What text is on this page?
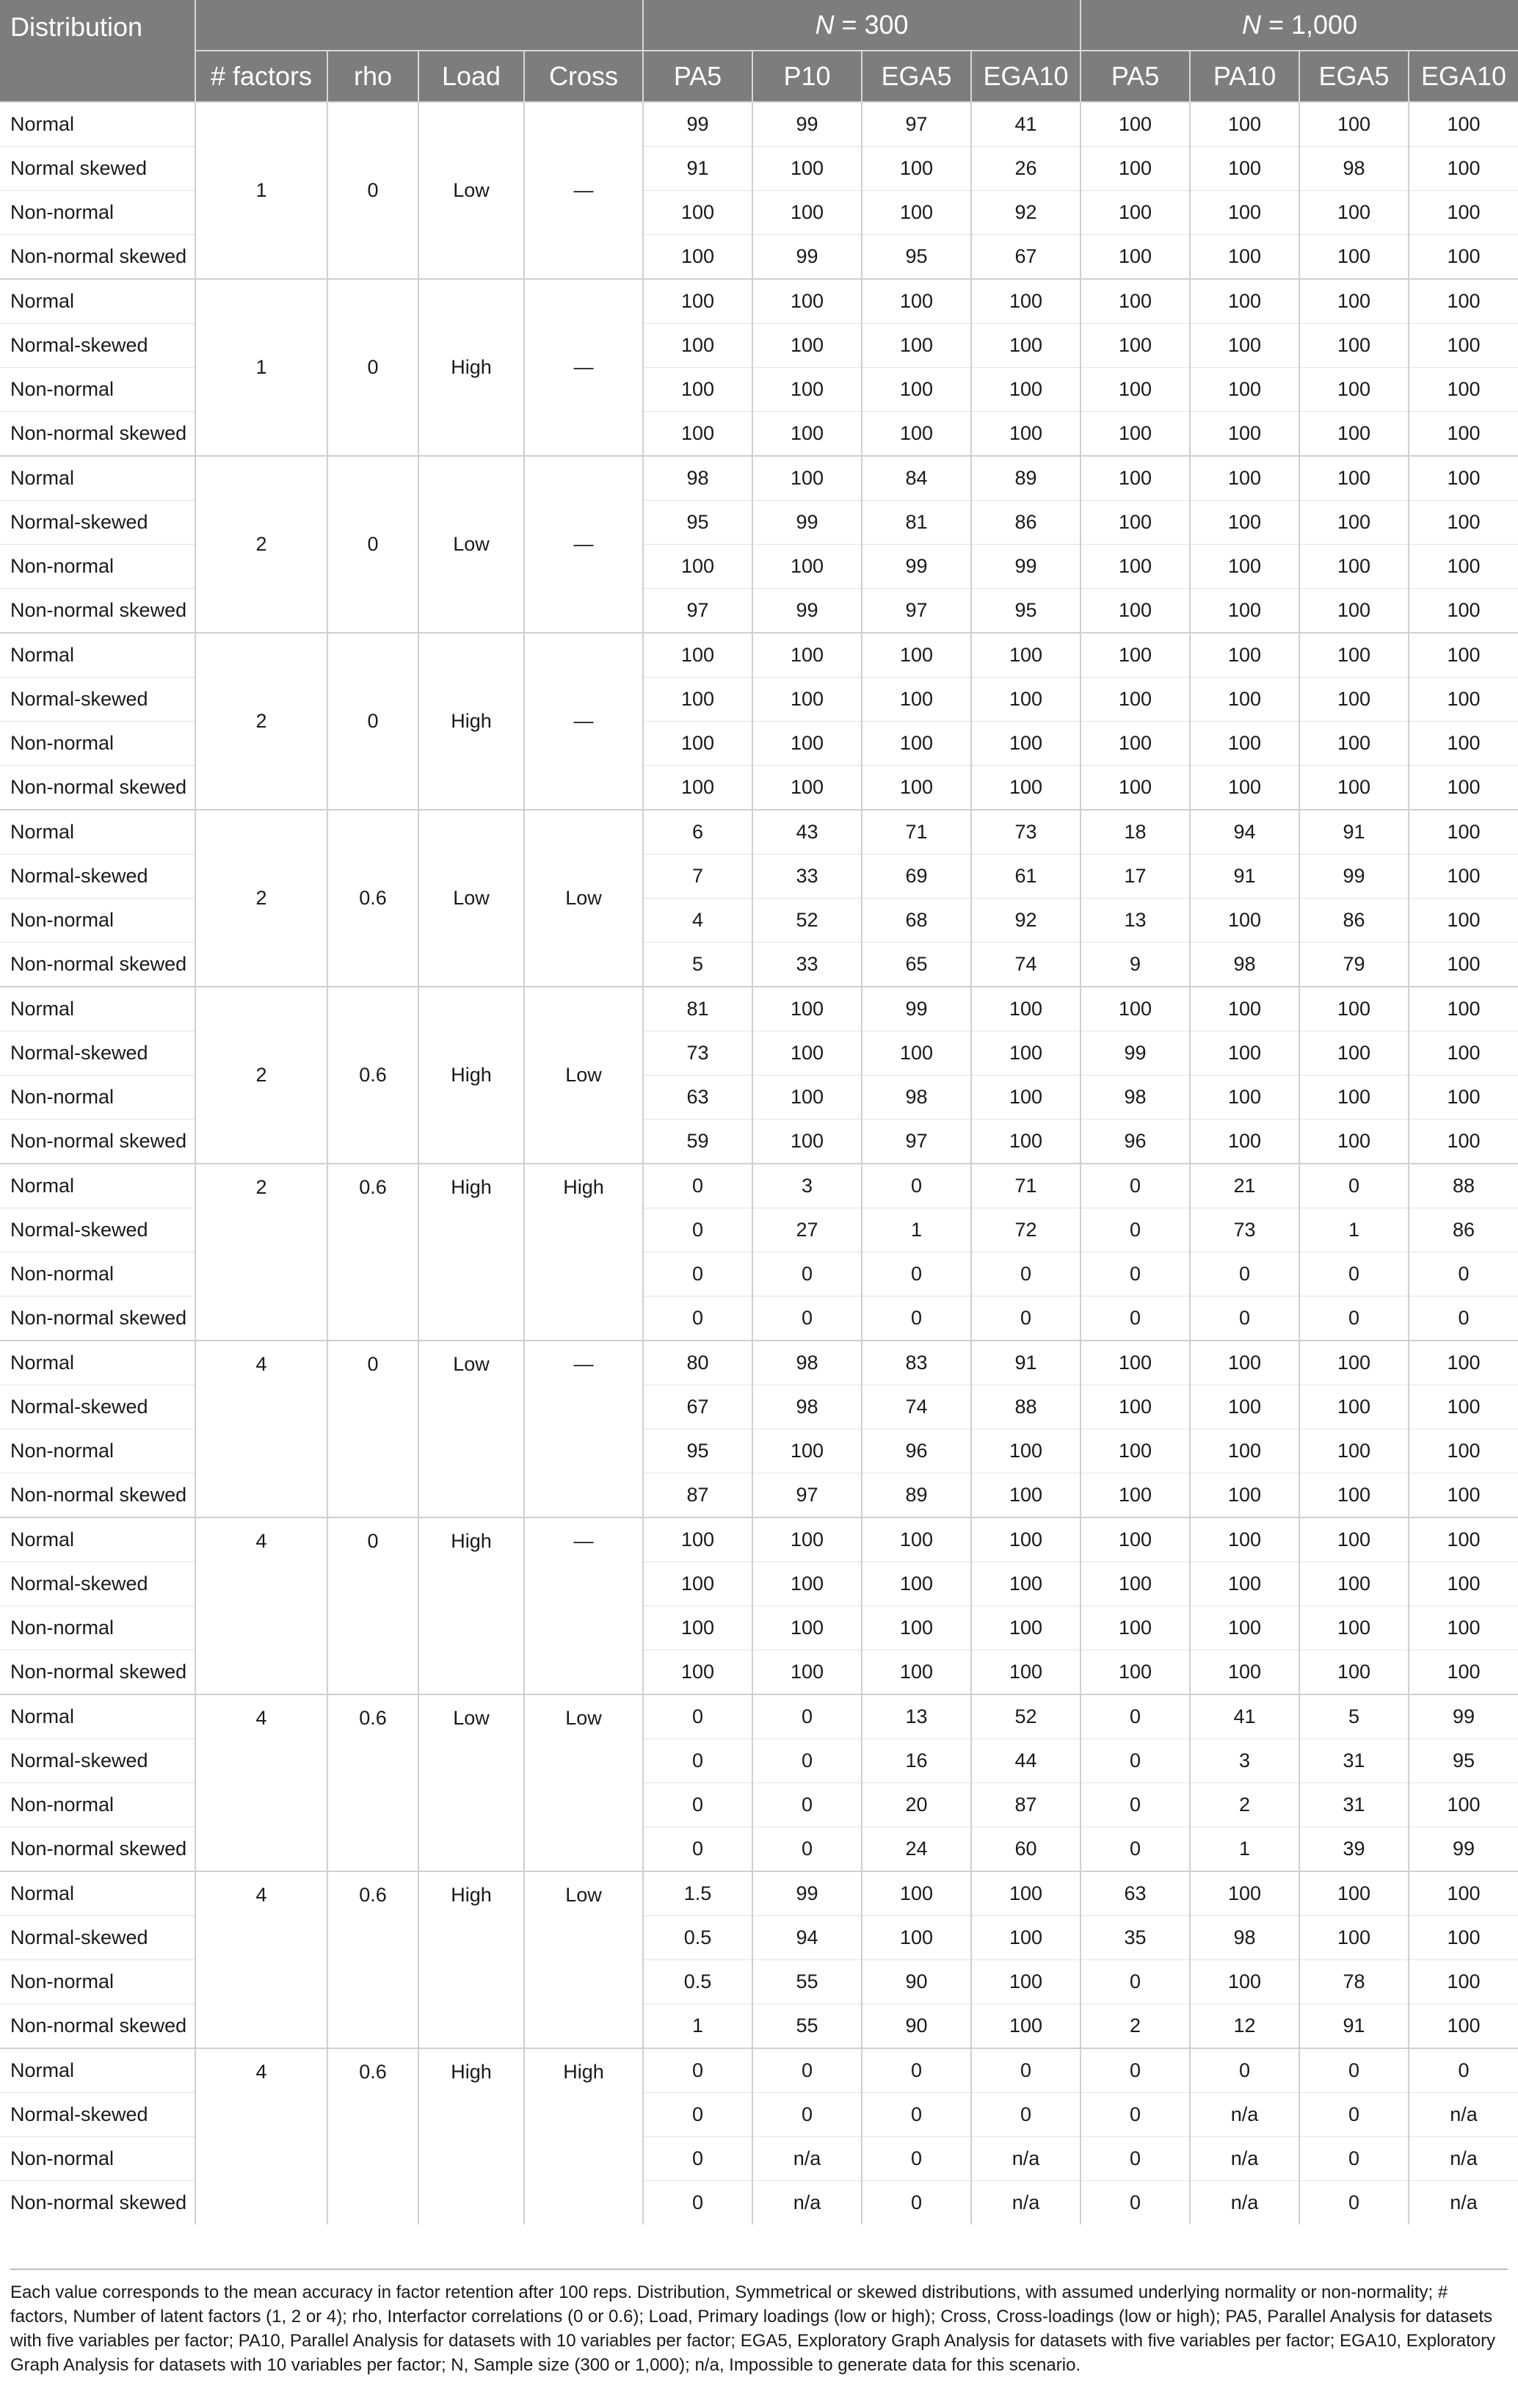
Distribution					N = 300				N = 1,000			
	# factors	rho	Load	Cross	PA5	P10	EGA5	EGA10	PA5	PA10	EGA5	EGA10
Normal	1	0	Low	—	99	99	97	41	100	100	100	100
Normal skewed					91	100	100	26	100	100	98	100
Non-normal					100	100	100	92	100	100	100	100
Non-normal skewed					100	99	95	67	100	100	100	100
Normal	1	0	High	—	100	100	100	100	100	100	100	100
Normal-skewed					100	100	100	100	100	100	100	100
Non-normal					100	100	100	100	100	100	100	100
Non-normal skewed					100	100	100	100	100	100	100	100
Normal	2	0	Low	—	98	100	84	89	100	100	100	100
Normal-skewed					95	99	81	86	100	100	100	100
Non-normal					100	100	99	99	100	100	100	100
Non-normal skewed					97	99	97	95	100	100	100	100
Normal	2	0	High	—	100	100	100	100	100	100	100	100
Normal-skewed					100	100	100	100	100	100	100	100
Non-normal					100	100	100	100	100	100	100	100
Non-normal skewed					100	100	100	100	100	100	100	100
Normal	2	0.6	Low	Low	6	43	71	73	18	94	91	100
Normal-skewed					7	33	69	61	17	91	99	100
Non-normal					4	52	68	92	13	100	86	100
Non-normal skewed					5	33	65	74	9	98	79	100
Normal	2	0.6	High	Low	81	100	99	100	100	100	100	100
Normal-skewed					73	100	100	100	99	100	100	100
Non-normal					63	100	98	100	98	100	100	100
Non-normal skewed					59	100	97	100	96	100	100	100
Normal	2	0.6	High	High	0	3	0	71	0	21	0	88
Normal-skewed					0	27	1	72	0	73	1	86
Non-normal					0	0	0	0	0	0	0	0
Non-normal skewed					0	0	0	0	0	0	0	0
Normal	4	0	Low	—	80	98	83	91	100	100	100	100
Normal-skewed					67	98	74	88	100	100	100	100
Non-normal					95	100	96	100	100	100	100	100
Non-normal skewed					87	97	89	100	100	100	100	100
Normal	4	0	High	—	100	100	100	100	100	100	100	100
Normal-skewed					100	100	100	100	100	100	100	100
Non-normal					100	100	100	100	100	100	100	100
Non-normal skewed					100	100	100	100	100	100	100	100
Normal	4	0.6	Low	Low	0	0	13	52	0	41	5	99
Normal-skewed					0	0	16	44	0	3	31	95
Non-normal					0	0	20	87	0	2	31	100
Non-normal skewed					0	0	24	60	0	1	39	99
Normal	4	0.6	High	Low	1.5	99	100	100	63	100	100	100
Normal-skewed					0.5	94	100	100	35	98	100	100
Non-normal					0.5	55	90	100	0	100	78	100
Non-normal skewed					1	55	90	100	2	12	91	100
Normal	4	0.6	High	High	0	0	0	0	0	0	0	0
Normal-skewed					0	0	0	0	0	n/a	0	n/a
Non-normal					0	n/a	0	n/a	0	n/a	0	n/a
Non-normal skewed					0	n/a	0	n/a	0	n/a	0	n/a
Each value corresponds to the mean accuracy in factor retention after 100 reps. Distribution, Symmetrical or skewed distributions, with assumed underlying normality or non-normality; # factors, Number of latent factors (1, 2 or 4); rho, Interfactor correlations (0 or 0.6); Load, Primary loadings (low or high); Cross, Cross-loadings (low or high); PA5, Parallel Analysis for datasets with five variables per factor; PA10, Parallel Analysis for datasets with 10 variables per factor; EGA5, Exploratory Graph Analysis for datasets with five variables per factor; EGA10, Exploratory Graph Analysis for datasets with 10 variables per factor; N, Sample size (300 or 1,000); n/a, Impossible to generate data for this scenario.
